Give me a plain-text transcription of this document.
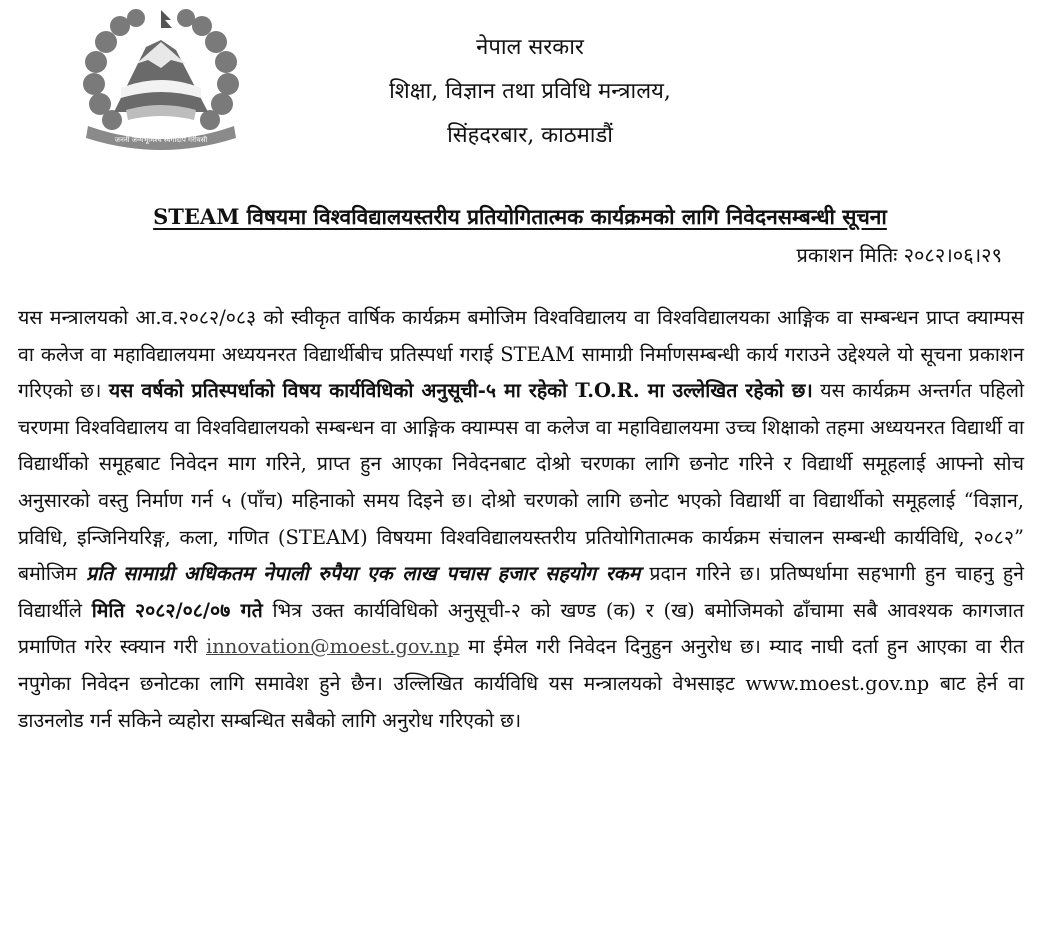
जननी जन्मभूमिश्च स्वर्गादपि गरीयसी
नेपाल सरकार
शिक्षा, विज्ञान तथा प्रविधि मन्त्रालय,
सिंहदरबार, काठमाडौं
STEAM विषयमा विश्वविद्यालयस्तरीय प्रतियोगितात्मक कार्यक्रमको लागि निवेदनसम्बन्धी सूचना
प्रकाशन मितिः २०८२।०६।२९
यस मन्त्रालयको आ.व.२०८२/०८३ को स्वीकृत वार्षिक कार्यक्रम बमोजिम विश्वविद्यालय वा विश्वविद्यालयका आङ्गिक वा सम्बन्धन प्राप्त क्याम्पस वा कलेज वा महाविद्यालयमा अध्ययनरत विद्यार्थीबीच प्रतिस्पर्धा गराई STEAM सामाग्री निर्माणसम्बन्धी कार्य गराउने उद्देश्यले यो सूचना प्रकाशन गरिएको छ। यस वर्षको प्रतिस्पर्धाको विषय कार्यविधिको अनुसूची-५ मा रहेको T.O.R. मा उल्लेखित रहेको छ। यस कार्यक्रम अन्तर्गत पहिलो चरणमा विश्वविद्यालय वा विश्वविद्यालयको सम्बन्धन वा आङ्गिक क्याम्पस वा कलेज वा महाविद्यालयमा उच्च शिक्षाको तहमा अध्ययनरत विद्यार्थी वा विद्यार्थीको समूहबाट निवेदन माग गरिने, प्राप्त हुन आएका निवेदनबाट दोश्रो चरणका लागि छनोट गरिने र विद्यार्थी समूहलाई आफ्नो सोच अनुसारको वस्तु निर्माण गर्न ५ (पाँच) महिनाको समय दिइने छ। दोश्रो चरणको लागि छनोट भएको विद्यार्थी वा विद्यार्थीको समूहलाई “विज्ञान, प्रविधि, इन्जिनियरिङ्ग, कला, गणित (STEAM) विषयमा विश्वविद्यालयस्तरीय प्रतियोगितात्मक कार्यक्रम संचालन सम्बन्धी कार्यविधि, २०८२” बमोजिम प्रति सामाग्री अधिकतम नेपाली रुपैया एक लाख पचास हजार सहयोग रकम प्रदान गरिने छ। प्रतिष्पर्धामा सहभागी हुन चाहनु हुने विद्यार्थीले मिति २०८२/०८/०७ गते भित्र उक्त कार्यविधिको अनुसूची-२ को खण्ड (क) र (ख) बमोजिमको ढाँचामा सबै आवश्यक कागजात प्रमाणित गरेर स्क्यान गरी innovation@moest.gov.np मा ईमेल गरी निवेदन दिनुहुन अनुरोध छ। म्याद नाघी दर्ता हुन आएका वा रीत नपुगेका निवेदन छनोटका लागि समावेश हुने छैन। उल्लिखित कार्यविधि यस मन्त्रालयको वेभसाइट www.moest.gov.np बाट हेर्न वा डाउनलोड गर्न सकिने व्यहोरा सम्बन्धित सबैको लागि अनुरोध गरिएको छ।
